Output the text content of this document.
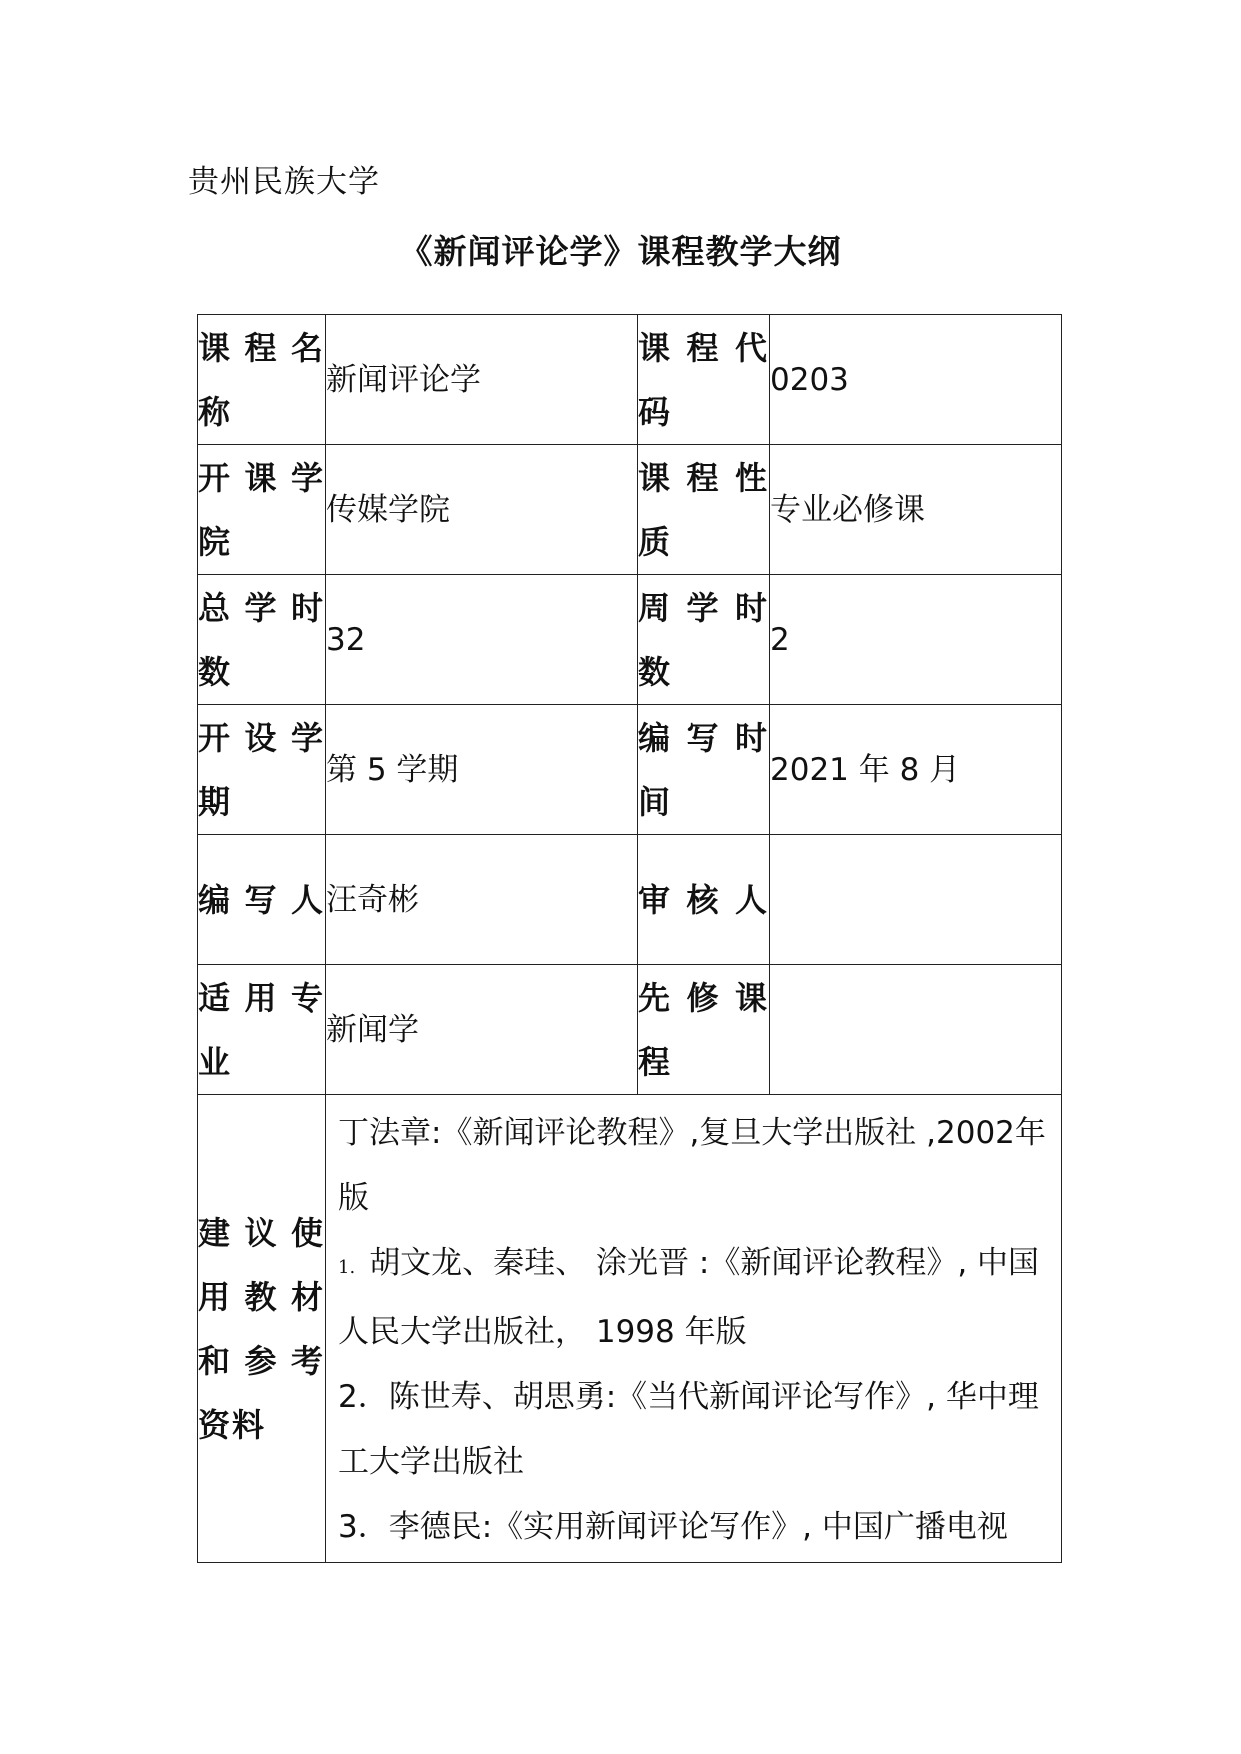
贵州民族大学
《新闻评论学》课程教学大纲
课程名称	新闻评论学	课程代码	0203
开课学院	传媒学院	课程性质	专业必修课
总学时数	32	周学时数	2
开设学期	第 5 学期	编写时间	2021 年 8 月
编写人	汪奇彬	审核人	
适用专业	新闻学	先修课程	
建议使用教材和参考资料	丁法章:《新闻评论教程》,复旦大学出版社 ,2002年版
1. 胡文龙、秦珪、 涂光晋 :《新闻评论教程》, 中国人民大学出版社， 1998 年版
2．陈世寿、胡思勇:《当代新闻评论写作》, 华中理工大学出版社
3．李德民:《实用新闻评论写作》, 中国广播电视		
